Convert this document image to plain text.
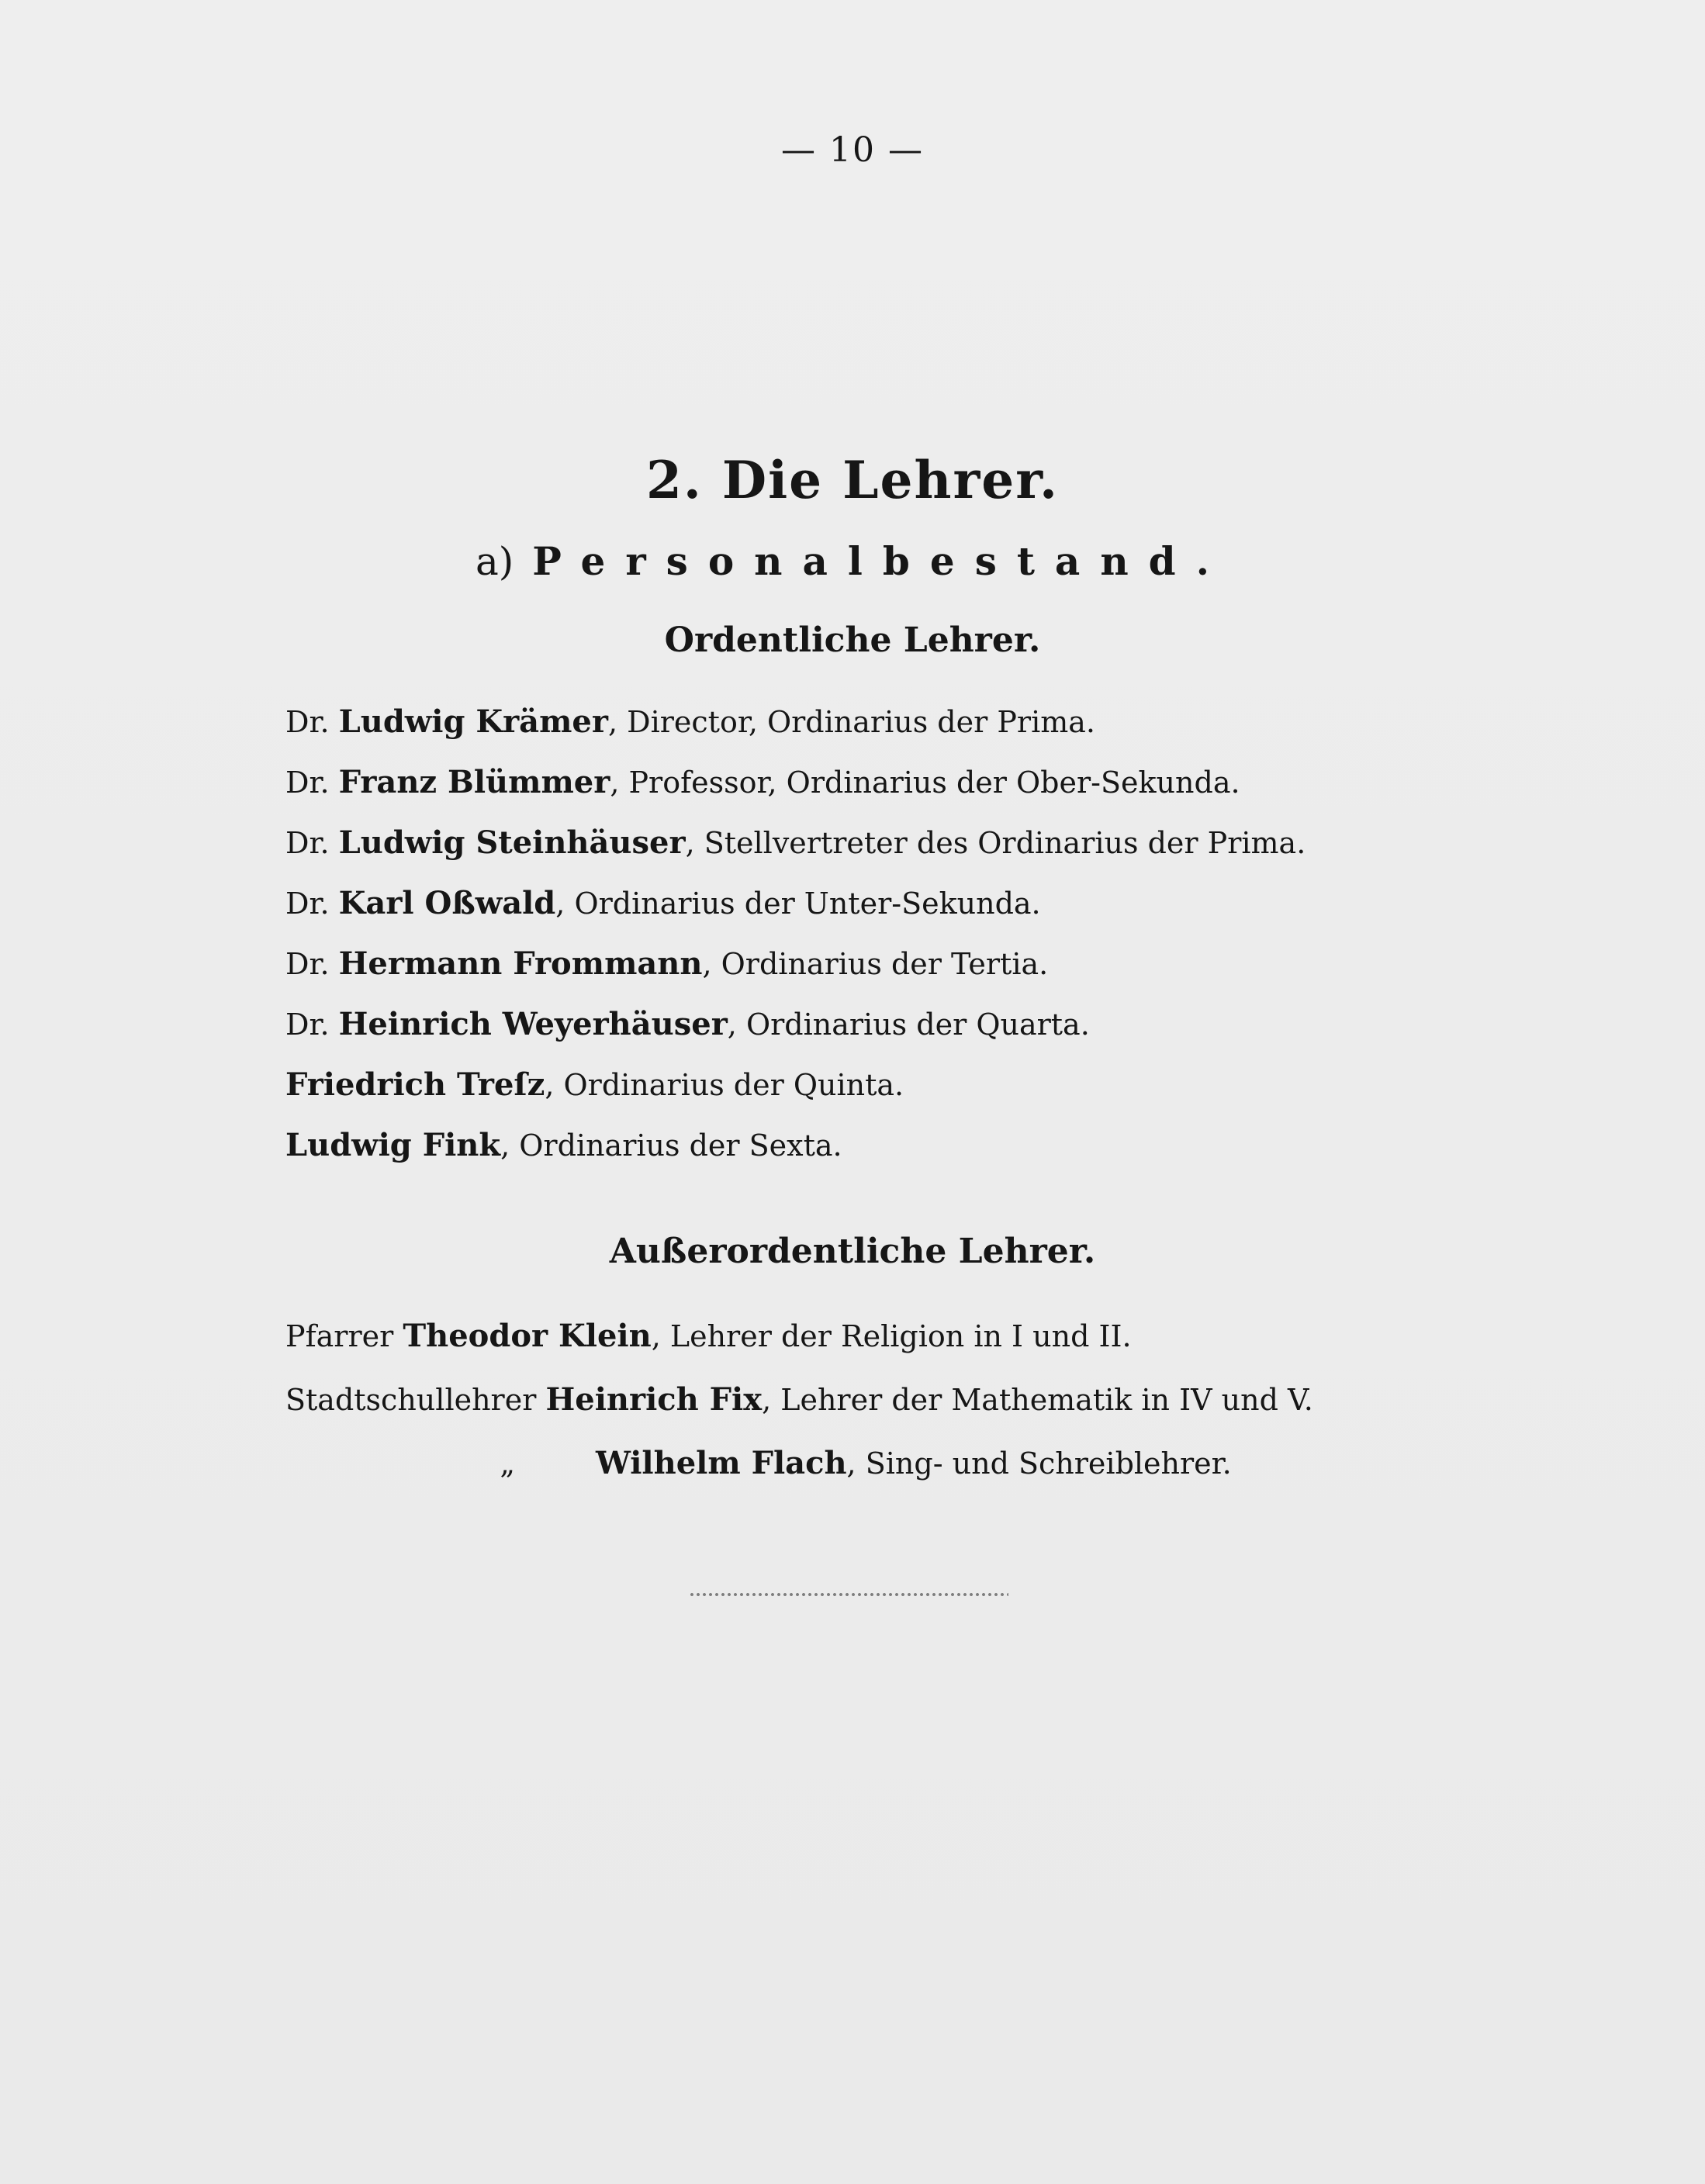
— 10 —
2. Die Lehrer.
a) Personalbestand.
Ordentliche Lehrer.
Dr. Ludwig Krämer, Director, Ordinarius der Prima.
Dr. Franz Blümmer, Professor, Ordinarius der Ober-Sekunda.
Dr. Ludwig Steinhäuser, Stellvertreter des Ordinarius der Prima.
Dr. Karl Oßwald, Ordinarius der Unter-Sekunda.
Dr. Hermann Frommann, Ordinarius der Tertia.
Dr. Heinrich Weyerhäuser, Ordinarius der Quarta.
Friedrich Treſz, Ordinarius der Quinta.
Ludwig Fink, Ordinarius der Sexta.
Außerordentliche Lehrer.
Pfarrer Theodor Klein, Lehrer der Religion in I und II.
Stadtschullehrer Heinrich Fix, Lehrer der Mathematik in IV und V.
„	Wilhelm Flach, Sing- und Schreiblehrer.
